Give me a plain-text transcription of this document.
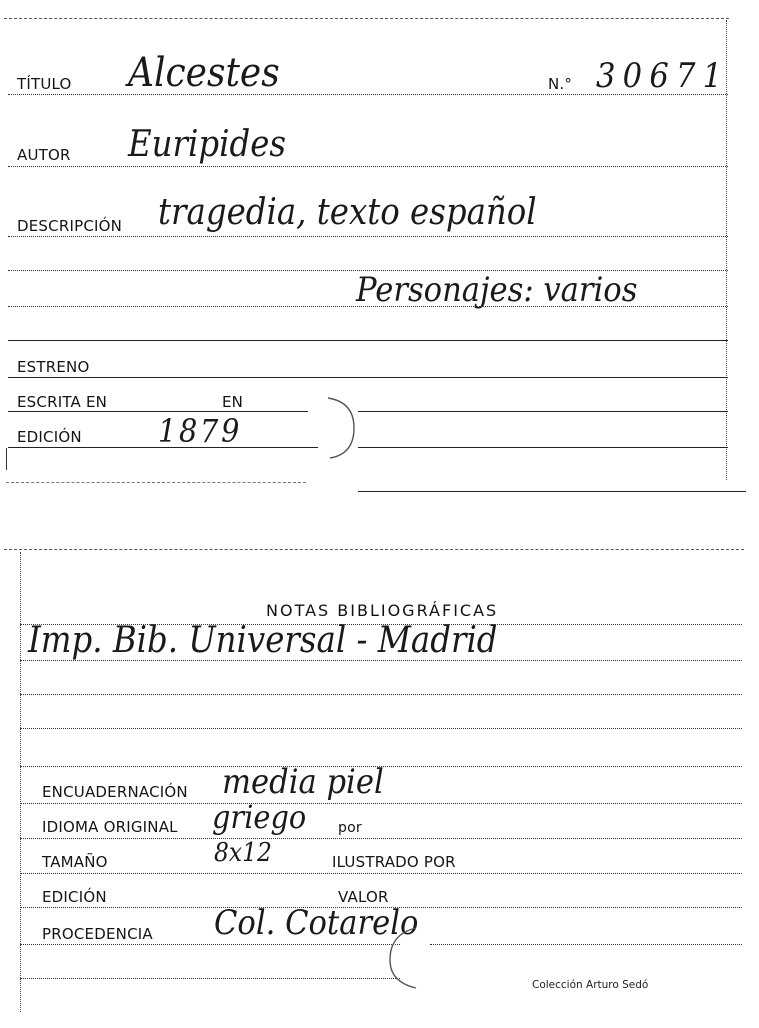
TÍTULO Alcestes	N.° 30671
AUTOR Euripides
DESCRIPCIÓN tragedia, texto español
Personajes: varios
ESTRENO
ESCRITA EN	EN
EDICIÓN 1879
NOTAS BIBLIOGRÁFICAS
Imp. Bib. Universal - Madrid
ENCUADERNACIÓN media piel
IDIOMA ORIGINAL griego por
TAMAÑO	8x12	ILUSTRADO POR
EDICIÓN	VALOR
PROCEDENCIA Col. Cotarelo
Colección Arturo Sedó
